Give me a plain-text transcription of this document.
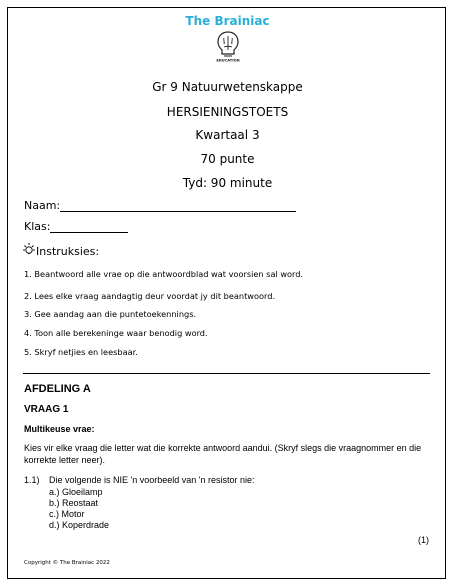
The Brainiac
EDUCATION
Gr 9 Natuurwetenskappe
HERSIENINGSTOETS
Kwartaal 3
70 punte
Tyd: 90 minute
Naam:
Klas:
Instruksies:
1. Beantwoord alle vrae op die antwoordblad wat voorsien sal word.
2. Lees elke vraag aandagtig deur voordat jy dit beantwoord.
3. Gee aandag aan die puntetoekennings.
4. Toon alle berekeninge waar benodig word.
5. Skryf netjies en leesbaar.
AFDELING A
VRAAG 1
Multikeuse vrae:
Kies vir elke vraag die letter wat die korrekte antwoord aandui. (Skryf slegs die vraagnommer en die korrekte letter neer).
1.1) Die volgende is NIE 'n voorbeeld van 'n resistor nie:
a.) Gloeilamp
b.) Reostaat
c.) Motor
d.) Koperdrade
(1)
Copyright © The Brainiac 2022
